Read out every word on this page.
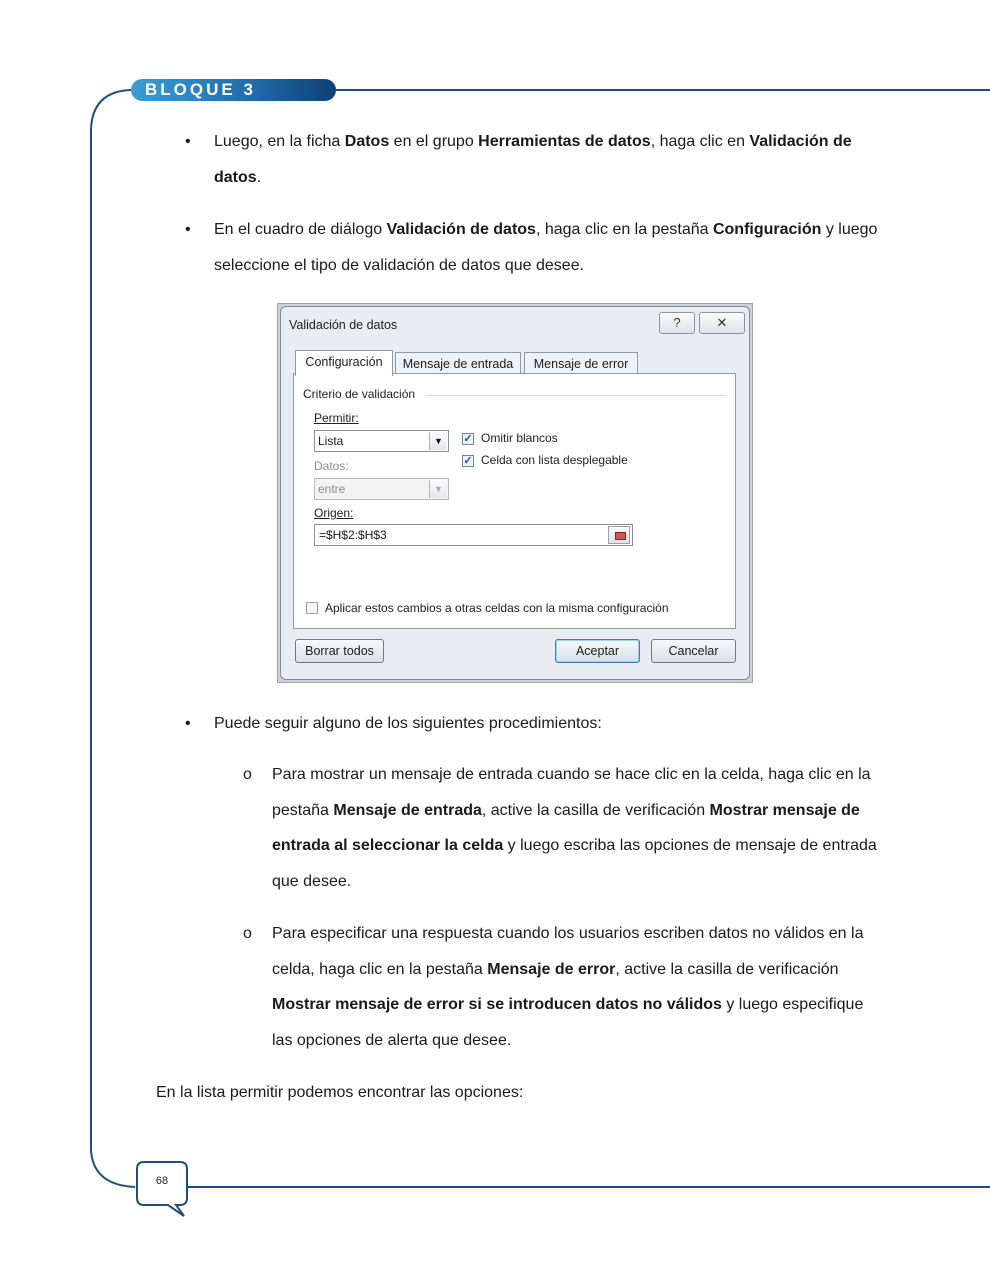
BLOQUE 3
• Luego, en la ficha Datos en el grupo Herramientas de datos, haga clic en Validación de datos.
• En el cuadro de diálogo Validación de datos, haga clic en la pestaña Configuración y luego seleccione el tipo de validación de datos que desee.
Validación de datos	?	✕
Configuración	Mensaje de entrada	Mensaje de error
Criterio de validación
Permitir:
Lista	▼	✓ Omitir blancos
✓ Celda con lista desplegable
Datos:
entre	▼
Origen:
=$H$2:$H$3
Aplicar estos cambios a otras celdas con la misma configuración
Borrar todos	Aceptar	Cancelar
• Puede seguir alguno de los siguientes procedimientos:
o Para mostrar un mensaje de entrada cuando se hace clic en la celda, haga clic en la pestaña Mensaje de entrada, active la casilla de verificación Mostrar mensaje de entrada al seleccionar la celda y luego escriba las opciones de mensaje de entrada que desee.
o Para especificar una respuesta cuando los usuarios escriben datos no válidos en la celda, haga clic en la pestaña Mensaje de error, active la casilla de verificación Mostrar mensaje de error si se introducen datos no válidos y luego especifique las opciones de alerta que desee.
En la lista permitir podemos encontrar las opciones:
68
